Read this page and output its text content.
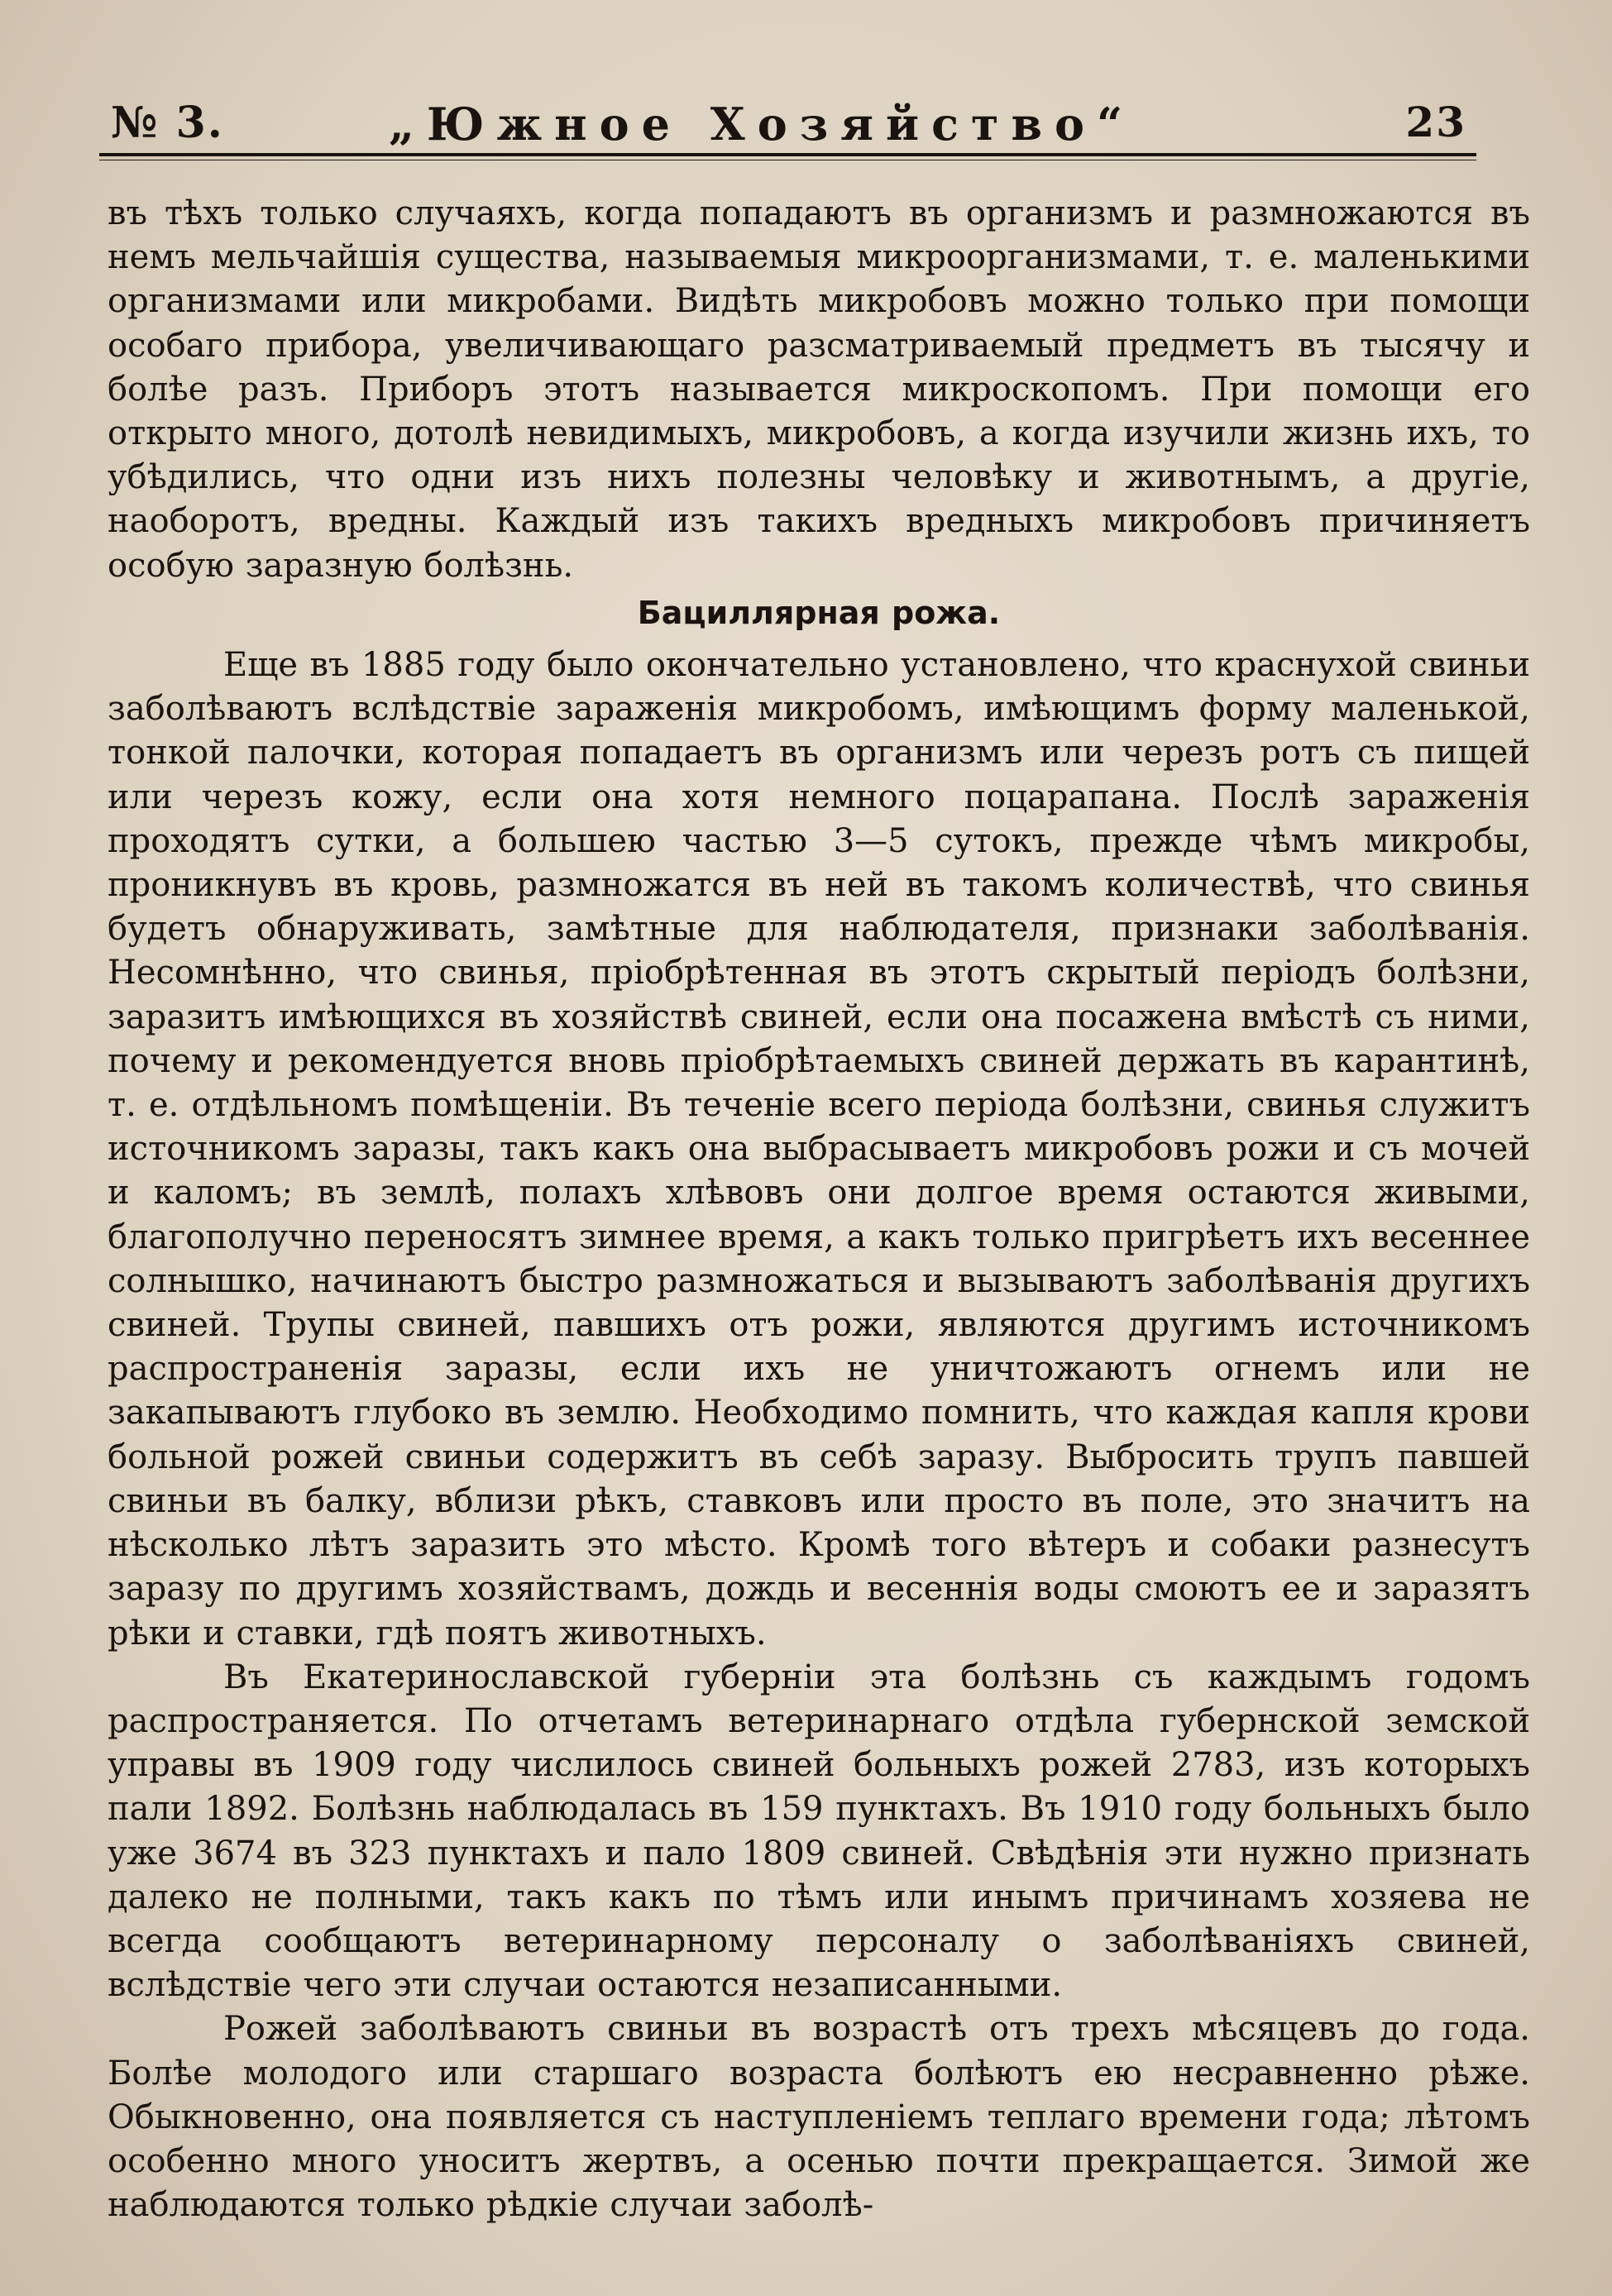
№ 3.	„Южное Хозяйство“	23

въ тѣхъ только случаяхъ, когда попадаютъ въ организмъ и размножаются въ немъ мельчайшія существа, называемыя микроорганизмами, т. е. маленькими организмами или микробами. Видѣть микробовъ можно только при помощи особаго прибора, увеличивающаго разсматриваемый предметъ въ тысячу и болѣе разъ. Приборъ этотъ называется микроскопомъ. При помощи его открыто много, дотолѣ невидимыхъ, микробовъ, а когда изучили жизнь ихъ, то убѣдились, что одни изъ нихъ полезны человѣку и животнымъ, а другіе, наоборотъ, вредны. Каждый изъ такихъ вредныхъ микробовъ причиняетъ особую заразную болѣзнь.

Бациллярная рожа.

Еще въ 1885 году было окончательно установлено, что краснухой свиньи заболѣваютъ вслѣдствіе зараженія микробомъ, имѣющимъ форму маленькой, тонкой палочки, которая попадаетъ въ организмъ или черезъ ротъ съ пищей или черезъ кожу, если она хотя немного поцарапана. Послѣ зараженія проходятъ сутки, а большею частью 3—5 сутокъ, прежде чѣмъ микробы, проникнувъ въ кровь, размножатся въ ней въ такомъ количествѣ, что свинья будетъ обнаруживать, замѣтные для наблюдателя, признаки заболѣванія. Несомнѣнно, что свинья, пріобрѣтенная въ этотъ скрытый періодъ болѣзни, заразитъ имѣющихся въ хозяйствѣ свиней, если она посажена вмѣстѣ съ ними, почему и рекомендуется вновь пріобрѣтаемыхъ свиней держать въ карантинѣ, т. е. отдѣльномъ помѣщеніи. Въ теченіе всего періода болѣзни, свинья служитъ источникомъ заразы, такъ какъ она выбрасываетъ микробовъ рожи и съ мочей и каломъ; въ землѣ, полахъ хлѣвовъ они долгое время остаются живыми, благополучно переносятъ зимнее время, а какъ только пригрѣетъ ихъ весеннее солнышко, начинаютъ быстро размножаться и вызываютъ заболѣванія другихъ свиней. Трупы свиней, павшихъ отъ рожи, являются другимъ источникомъ распространенія заразы, если ихъ не уничтожаютъ огнемъ или не закапываютъ глубоко въ землю. Необходимо помнить, что каждая капля крови больной рожей свиньи содержитъ въ себѣ заразу. Выбросить трупъ павшей свиньи въ балку, вблизи рѣкъ, ставковъ или просто въ поле, это значитъ на нѣсколько лѣтъ заразить это мѣсто. Кромѣ того вѣтеръ и собаки разнесутъ заразу по другимъ хозяйствамъ, дождь и весеннія воды смоютъ ее и заразятъ рѣки и ставки, гдѣ поятъ животныхъ.

Въ Екатеринославской губерніи эта болѣзнь съ каждымъ годомъ распространяется. По отчетамъ ветеринарнаго отдѣла губернской земской управы въ 1909 году числилось свиней больныхъ рожей 2783, изъ которыхъ пали 1892. Болѣзнь наблюдалась въ 159 пунктахъ. Въ 1910 году больныхъ было уже 3674 въ 323 пунктахъ и пало 1809 свиней. Свѣдѣнія эти нужно признать далеко не полными, такъ какъ по тѣмъ или инымъ причинамъ хозяева не всегда сообщаютъ ветеринарному персоналу о заболѣваніяхъ свиней, вслѣдствіе чего эти случаи остаются незаписанными.

Рожей заболѣваютъ свиньи въ возрастѣ отъ трехъ мѣсяцевъ до года. Болѣе молодого или старшаго возраста болѣютъ ею несравненно рѣже. Обыкновенно, она появляется съ наступленіемъ теплаго времени года; лѣтомъ особенно много уноситъ жертвъ, а осенью почти прекращается. Зимой же наблюдаются только рѣдкіе случаи заболѣ-
